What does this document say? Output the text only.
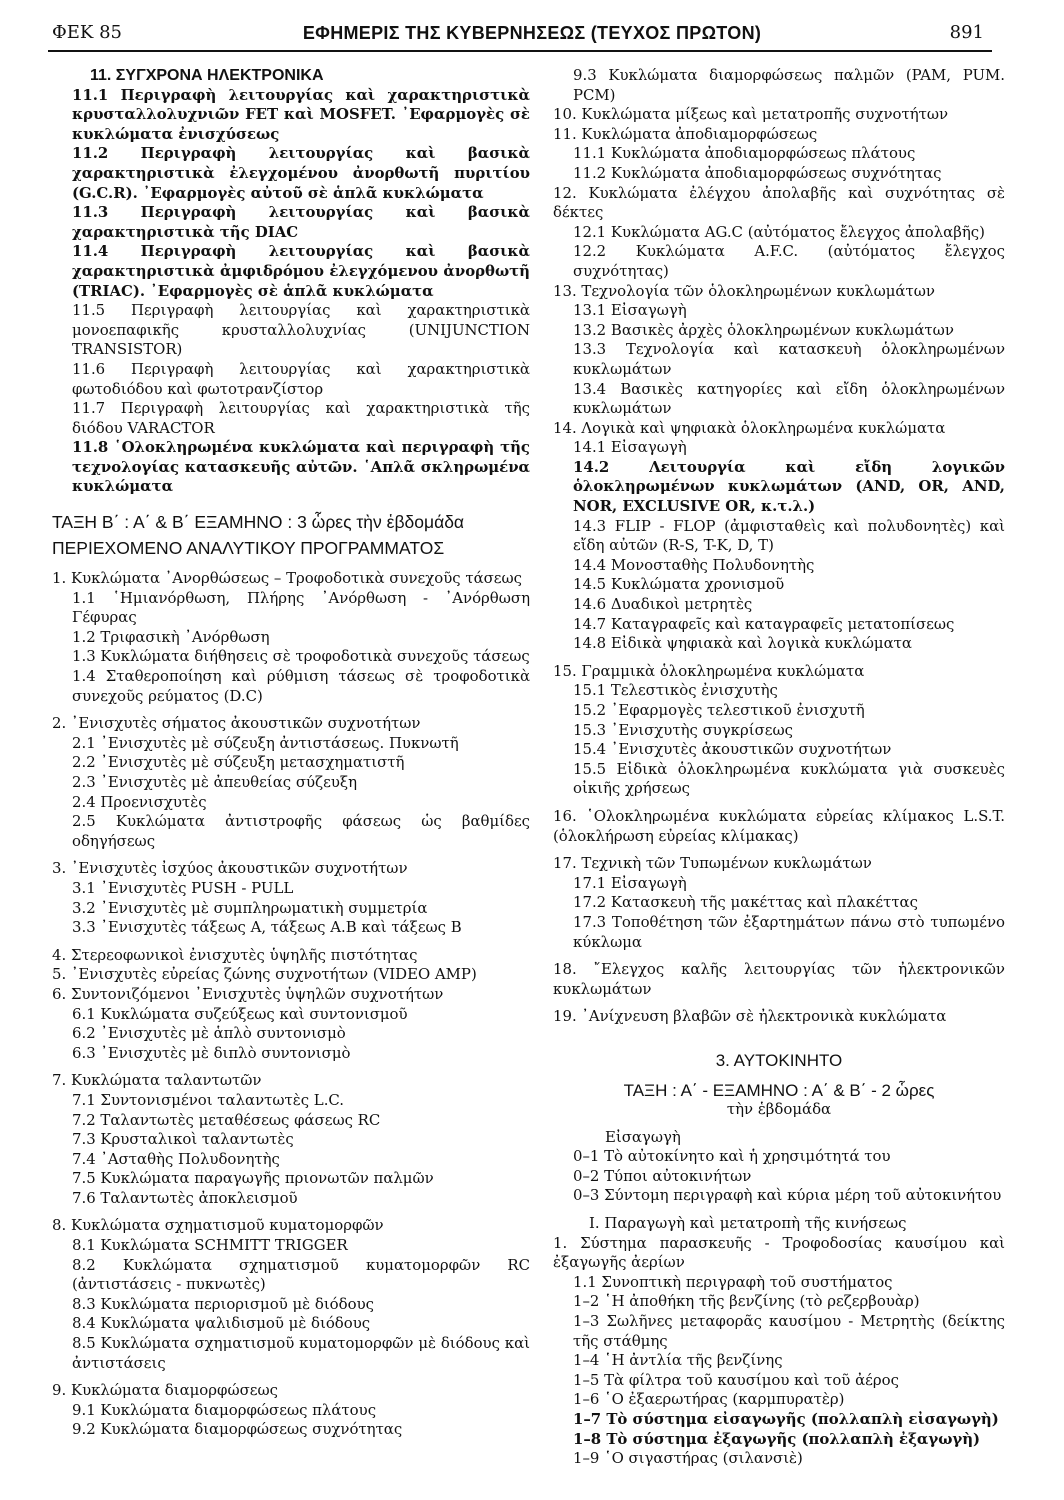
ΦΕΚ 85	ΕΦΗΜΕΡΙΣ ΤΗΣ ΚΥΒΕΡΝΗΣΕΩΣ (ΤΕΥΧΟΣ ΠΡΩΤΟΝ)	891

11. ΣΥΓΧΡΟΝΑ ΗΛΕΚΤΡΟΝΙΚΑ

11.1 Περιγραφὴ λειτουργίας καὶ χαρακτηριστικὰ κρυσταλλολυχνιῶν FET καὶ MOSFET. ᾿Εφαρμογὲς σὲ κυκλώματα ἐνισχύσεως

11.2 Περιγραφὴ λειτουργίας καὶ βασικὰ χαρακτηριστικὰ ἐλεγχομένου ἀνορθωτῆ πυριτίου (G.C.R). ᾿Εφαρμογὲς αὐτοῦ σὲ ἁπλᾶ κυκλώματα

11.3 Περιγραφὴ λειτουργίας καὶ βασικὰ χαρακτηριστικὰ τῆς DIAC

11.4 Περιγραφὴ λειτουργίας καὶ βασικὰ χαρακτηριστικὰ ἀμφιδρόμου ἐλεγχόμενου ἀνορθωτῆ (TRIAC). ᾿Εφαρμογὲς σὲ ἁπλᾶ κυκλώματα

11.5 Περιγραφὴ λειτουργίας καὶ χαρακτηριστικὰ μονοεπαφικῆς κρυσταλλολυχνίας (UNIJUNCTION TRANSISTOR)

11.6 Περιγραφὴ λειτουργίας καὶ χαρακτηριστικὰ φωτοδιόδου καὶ φωτοτρανζίστορ

11.7 Περιγραφὴ λειτουργίας καὶ χαρακτηριστικὰ τῆς διόδου VARACTOR

11.8 ῾Ολοκληρωμένα κυκλώματα καὶ περιγραφὴ τῆς τεχνολογίας κατασκευῆς αὐτῶν. ῾Απλᾶ σκληρωμένα κυκλώματα

ΤΑΞΗ Β΄ : Α΄ & Β΄ ΕΞΑΜΗΝΟ : 3 ὧρες τὴν ἑβδομάδα

ΠΕΡΙΕΧΟΜΕΝΟ ΑΝΑΛΥΤΙΚΟΥ ΠΡΟΓΡΑΜΜΑΤΟΣ

1. Κυκλώματα ᾿Ανορθώσεως – Τροφοδοτικὰ συνεχοῦς τάσεως

1.1 ῾Ημιανόρθωση, Πλήρης ᾿Ανόρθωση - ᾿Ανόρθωση Γέφυρας

1.2 Τριφασικὴ ᾿Ανόρθωση

1.3 Κυκλώματα διήθησεις σὲ τροφοδοτικὰ συνεχοῦς τάσεως

1.4 Σταθεροποίηση καὶ ρύθμιση τάσεως σὲ τροφοδοτικὰ συνεχοῦς ρεύματος (D.C)

2. ᾿Ενισχυτὲς σήματος ἀκουστικῶν συχνοτήτων

2.1 ᾿Ενισχυτὲς μὲ σύζευξη ἀντιστάσεως. Πυκνωτῆ

2.2 ᾿Ενισχυτὲς μὲ σύζευξη μετασχηματιστῆ

2.3 ᾿Ενισχυτὲς μὲ ἀπευθείας σύζευξη

2.4 Προενισχυτὲς

2.5 Κυκλώματα ἀντιστροφῆς φάσεως ὡς βαθμίδες οδηγήσεως

3. ᾿Ενισχυτὲς ἰσχύος ἀκουστικῶν συχνοτήτων

3.1 ᾿Ενισχυτὲς PUSH - PULL

3.2 ᾿Ενισχυτὲς μὲ συμπληρωματικὴ συμμετρία

3.3 ᾿Ενισχυτὲς τάξεως Α, τάξεως Α.Β καὶ τάξεως Β

4. Στερεοφωνικοὶ ἐνισχυτὲς ὑψηλῆς πιστότητας

5. ᾿Ενισχυτὲς εὐρείας ζώνης συχνοτήτων (VIDEO AMP)

6. Συντονιζόμενοι ᾿Ενισχυτὲς ὑψηλῶν συχνοτήτων

6.1 Κυκλώματα συζεύξεως καὶ συντονισμοῦ

6.2 ᾿Ενισχυτὲς μὲ ἁπλὸ συντονισμὸ

6.3 ᾿Ενισχυτὲς μὲ διπλὸ συντονισμὸ

7. Κυκλώματα ταλαντωτῶν

7.1 Συντονισμένοι ταλαντωτὲς L.C.

7.2 Ταλαντωτὲς μεταθέσεως φάσεως RC

7.3 Κρυσταλικοὶ ταλαντωτὲς

7.4 ᾿Ασταθὴς Πολυδονητὴς

7.5 Κυκλώματα παραγωγῆς πριονωτῶν παλμῶν

7.6 Ταλαντωτὲς ἀποκλεισμοῦ

8. Κυκλώματα σχηματισμοῦ κυματομορφῶν

8.1 Κυκλώματα SCHMITT TRIGGER

8.2 Κυκλώματα σχηματισμοῦ κυματομορφῶν RC (ἀντιστάσεις - πυκνωτὲς)

8.3 Κυκλώματα περιορισμοῦ μὲ διόδους

8.4 Κυκλώματα ψαλιδισμοῦ μὲ διόδους

8.5 Κυκλώματα σχηματισμοῦ κυματομορφῶν μὲ διόδους καὶ ἀντιστάσεις

9. Κυκλώματα διαμορφώσεως

9.1 Κυκλώματα διαμορφώσεως πλάτους

9.2 Κυκλώματα διαμορφώσεως συχνότητας

9.3 Κυκλώματα διαμορφώσεως παλμῶν (PAM, PUM. PCM)

10. Κυκλώματα μίξεως καὶ μετατροπῆς συχνοτήτων

11. Κυκλώματα ἀποδιαμορφώσεως

11.1 Κυκλώματα ἀποδιαμορφώσεως πλάτους

11.2 Κυκλώματα ἀποδιαμορφώσεως συχνότητας

12. Κυκλώματα ἐλέγχου ἀπολαβῆς καὶ συχνότητας σὲ δέκτες

12.1 Κυκλώματα AG.C (αὐτόματος ἔλεγχος ἀπολαβῆς)

12.2 Κυκλώματα A.F.C. (αὐτόματος ἔλεγχος συχνότητας)

13. Τεχνολογία τῶν ὁλοκληρωμένων κυκλωμάτων

13.1 Εἰσαγωγὴ

13.2 Βασικὲς ἀρχὲς ὁλοκληρωμένων κυκλωμάτων

13.3 Τεχνολογία καὶ κατασκευὴ ὁλοκληρωμένων κυκλωμάτων

13.4 Βασικὲς κατηγορίες καὶ εἴδη ὁλοκληρωμένων κυκλωμάτων

14. Λογικὰ καὶ ψηφιακὰ ὁλοκληρωμένα κυκλώματα

14.1 Εἰσαγωγὴ

14.2 Λειτουργία καὶ εἴδη λογικῶν ὁλοκληρωμένων κυκλωμάτων (AND, OR, AND, NOR, EXCLUSIVE OR, κ.τ.λ.)

14.3 FLIP - FLOP (ἀμφισταθεὶς καὶ πολυδονητὲς) καὶ εἴδη αὐτῶν (R-S, T-K, D, T)

14.4 Μονοσταθὴς Πολυδονητὴς

14.5 Κυκλώματα χρονισμοῦ

14.6 Δυαδικοὶ μετρητὲς

14.7 Καταγραφεῖς καὶ καταγραφεῖς μετατοπίσεως

14.8 Εἰδικὰ ψηφιακὰ καὶ λογικὰ κυκλώματα

15. Γραμμικὰ ὁλοκληρωμένα κυκλώματα

15.1 Τελεστικὸς ἐνισχυτὴς

15.2 ᾿Εφαρμογὲς τελεστικοῦ ἐνισχυτῆ

15.3 ᾿Ενισχυτὴς συγκρίσεως

15.4 ᾿Ενισχυτὲς ἀκουστικῶν συχνοτήτων

15.5 Εἰδικὰ ὁλοκληρωμένα κυκλώματα γιὰ συσκευὲς οἰκιῆς χρήσεως

16. ῾Ολοκληρωμένα κυκλώματα εὐρείας κλίμακος L.S.T. (ὁλοκλήρωση εὐρείας κλίμακας)

17. Τεχνικὴ τῶν Τυπωμένων κυκλωμάτων

17.1 Εἰσαγωγὴ

17.2 Κατασκευὴ τῆς μακέττας καὶ πλακέττας

17.3 Τοποθέτηση τῶν ἐξαρτημάτων πάνω στὸ τυπωμένο κύκλωμα

18. ῎Ελεγχος καλῆς λειτουργίας τῶν ἠλεκτρονικῶν κυκλωμάτων

19. ᾿Ανίχνευση βλαβῶν σὲ ἠλεκτρονικὰ κυκλώματα

3. ΑΥΤΟΚΙΝΗΤΟ

ΤΑΞΗ : Α΄ - ΕΞΑΜΗΝΟ : Α΄ & Β΄ - 2 ὧρες

τὴν ἑβδομάδα

Εἰσαγωγὴ

0–1 Τὸ αὐτοκίνητο καὶ ἡ χρησιμότητά του

0–2 Τύποι αὐτοκινήτων

0–3 Σύντομη περιγραφὴ καὶ κύρια μέρη τοῦ αὐτοκινήτου

Ι. Παραγωγὴ καὶ μετατροπὴ τῆς κινήσεως

1. Σύστημα παρασκευῆς - Τροφοδοσίας καυσίμου καὶ ἐξαγωγῆς ἀερίων

1.1 Συνοπτικὴ περιγραφὴ τοῦ συστήματος

1–2 ῾Η ἀποθήκη τῆς βενζίνης (τὸ ρεζερβουὰρ)

1–3 Σωλῆνες μεταφορᾶς καυσίμου - Μετρητὴς (δείκτης τῆς στάθμης

1–4 ῾Η ἀντλία τῆς βενζίνης

1–5 Τὰ φίλτρα τοῦ καυσίμου καὶ τοῦ ἀέρος

1–6 ῾Ο ἐξαερωτήρας (καρμπυρατὲρ)

1–7 Τὸ σύστημα εἰσαγωγῆς (πολλαπλὴ εἰσαγωγὴ)

1–8 Τὸ σύστημα ἐξαγωγῆς (πολλαπλὴ ἐξαγωγὴ)

1–9 ῾Ο σιγαστήρας (σιλανσιὲ)
